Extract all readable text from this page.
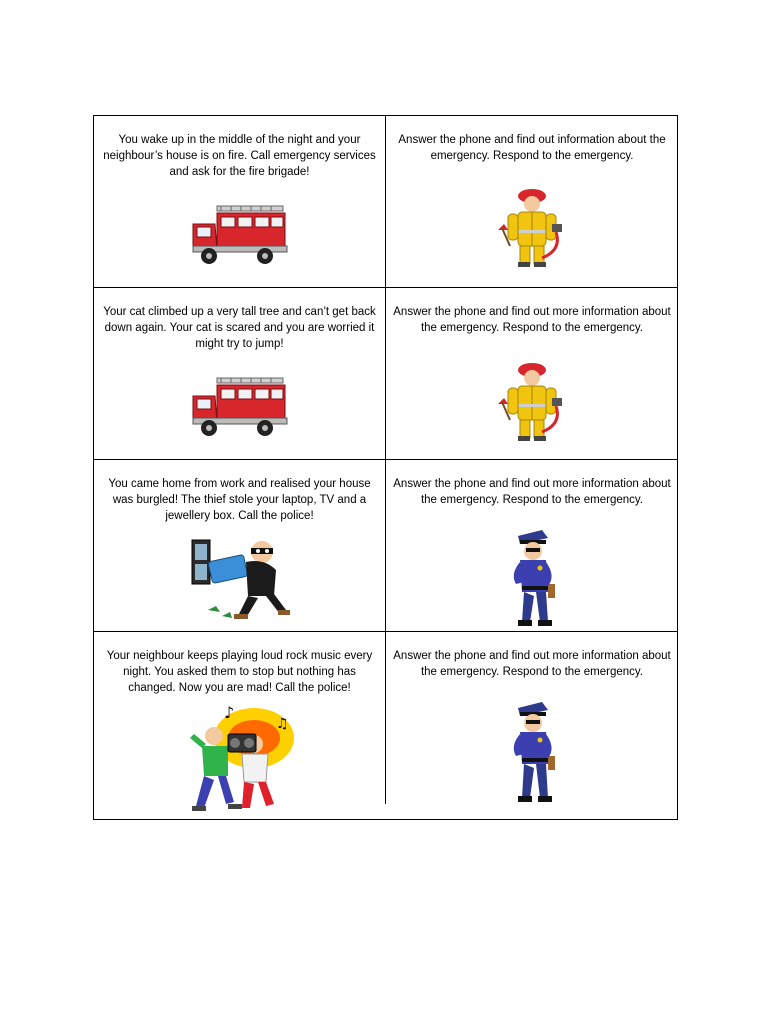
You wake up in the middle of the night and your neighbour’s house is on fire. Call emergency services and ask for the fire brigade!
Answer the phone and find out information about the emergency. Respond to the emergency.
Your cat climbed up a very tall tree and can’t get back down again. Your cat is scared and you are worried it might try to jump!
Answer the phone and find out more information about the emergency. Respond to the emergency.
You came home from work and realised your house was burgled! The thief stole your laptop, TV and a jewellery box. Call the police!
Answer the phone and find out more information about the emergency. Respond to the emergency.
Your neighbour keeps playing loud rock music every night. You asked them to stop but nothing has changed. Now you are mad! Call the police!
♪
♫
Answer the phone and find out more information about the emergency. Respond to the emergency.
